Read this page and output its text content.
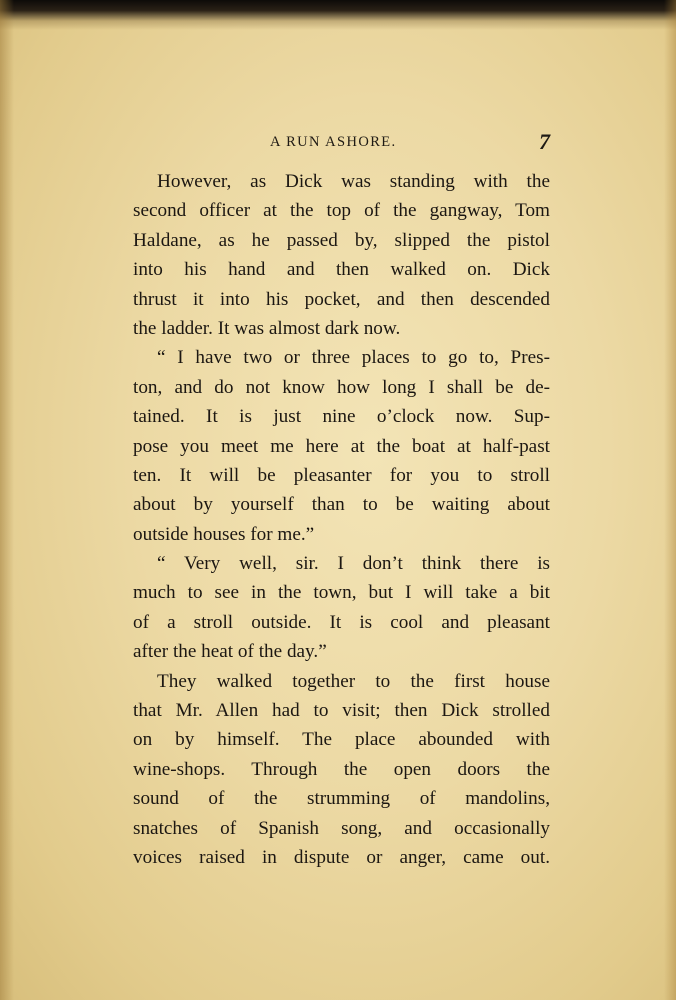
A RUN ASHORE.	7
However, as Dick was standing with the
second officer at the top of the gangway, Tom
Haldane, as he passed by, slipped the pistol
into his hand and then walked on. Dick
thrust it into his pocket, and then descended
the ladder. It was almost dark now.
“ I have two or three places to go to, Pres-
ton, and do not know how long I shall be de-
tained. It is just nine o’clock now. Sup-
pose you meet me here at the boat at half-past
ten. It will be pleasanter for you to stroll
about by yourself than to be waiting about
outside houses for me.”
“ Very well, sir. I don’t think there is
much to see in the town, but I will take a bit
of a stroll outside. It is cool and pleasant
after the heat of the day.”
They walked together to the first house
that Mr. Allen had to visit; then Dick strolled
on by himself. The place abounded with
wine-shops. Through the open doors the
sound of the strumming of mandolins,
snatches of Spanish song, and occasionally
voices raised in dispute or anger, came out.
